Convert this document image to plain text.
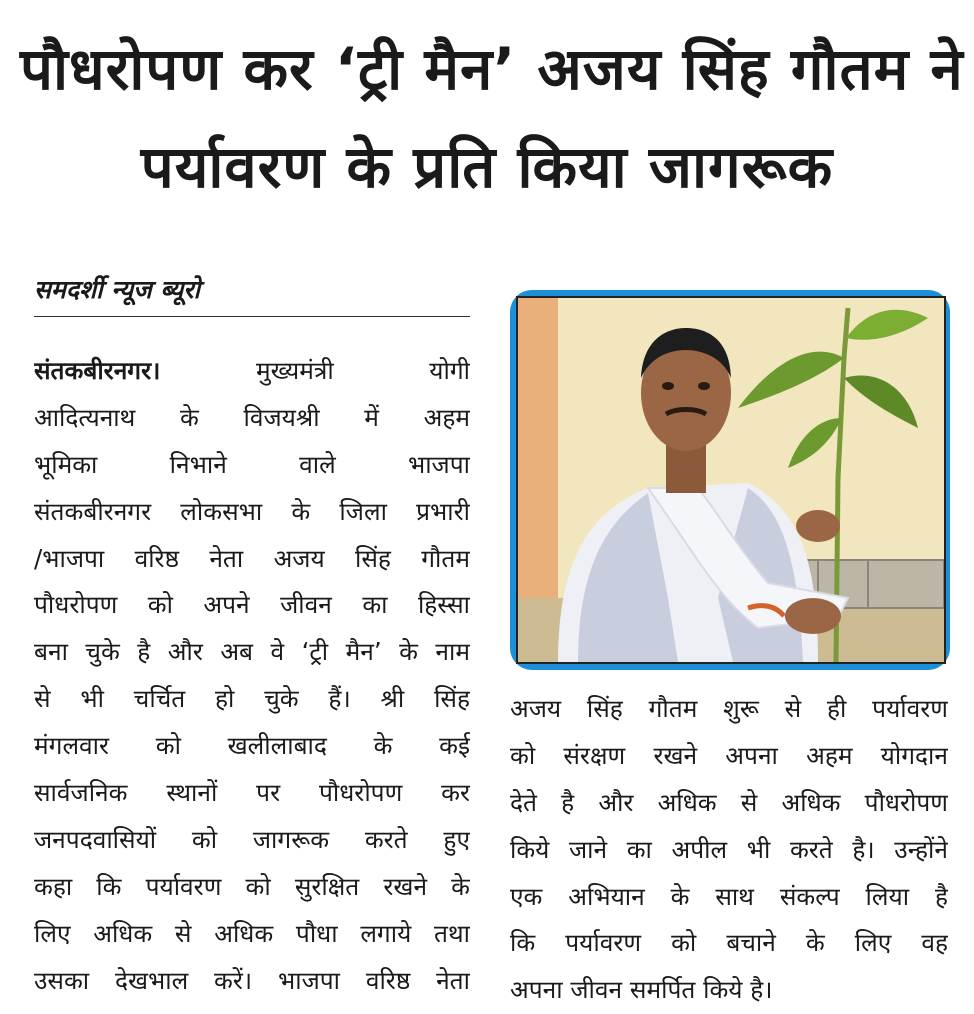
पौधरोपण कर ‘ट्री मैन’ अजय सिंह गौतम ने
पर्यावरण के प्रति किया जागरूक
समदर्शी न्यूज ब्यूरो
संतकबीरनगर। मुख्यमंत्री योगी
आदित्यनाथ के विजयश्री में अहम
भूमिका निभाने वाले भाजपा
संतकबीरनगर लोकसभा के जिला प्रभारी
/भाजपा वरिष्ठ नेता अजय सिंह गौतम
पौधरोपण को अपने जीवन का हिस्सा
बना चुके है और अब वे ‘ट्री मैन’ के नाम
से भी चर्चित हो चुके हैं। श्री सिंह
मंगलवार को खलीलाबाद के कई
सार्वजनिक स्थानों पर पौधरोपण कर
जनपदवासियों को जागरूक करते हुए
कहा कि पर्यावरण को सुरक्षित रखने के
लिए अधिक से अधिक पौधा लगाये तथा
उसका देखभाल करें। भाजपा वरिष्ठ नेता
अजय सिंह गौतम शुरू से ही पर्यावरण
को संरक्षण रखने अपना अहम योगदान
देते है और अधिक से अधिक पौधरोपण
किये जाने का अपील भी करते है। उन्होंने
एक अभियान के साथ संकल्प लिया है
कि पर्यावरण को बचाने के लिए वह
अपना जीवन समर्पित किये है।
